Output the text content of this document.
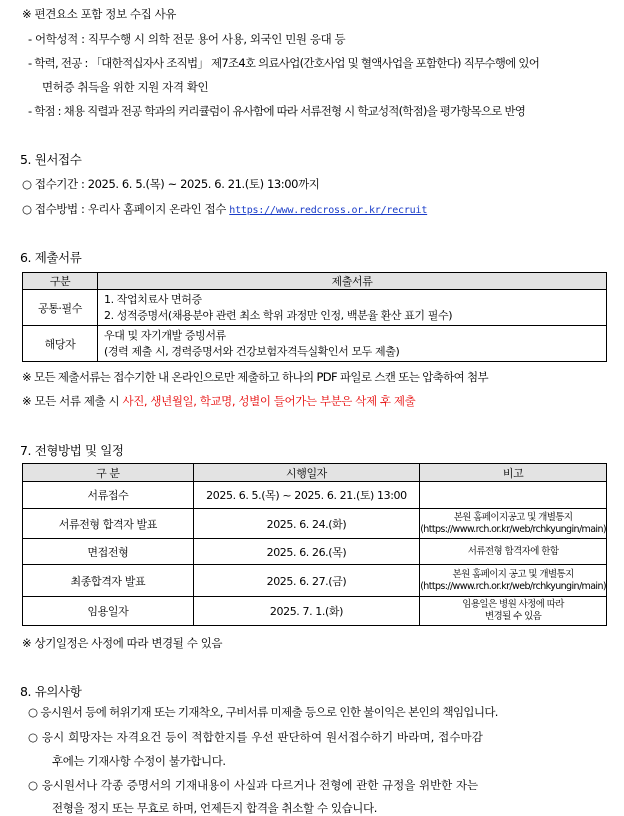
※ 편견요소 포함 정보 수집 사유
- 어학성적 : 직무수행 시 의학 전문 용어 사용, 외국인 민원 응대 등
- 학력, 전공 : 「대한적십자사 조직법」 제7조4호 의료사업(간호사업 및 혈액사업을 포함한다) 직무수행에 있어
면허증 취득을 위한 지원 자격 확인
- 학점 : 채용 직렬과 전공 학과의 커리큘럼이 유사함에 따라 서류전형 시 학교성적(학점)을 평가항목으로 반영
5. 원서접수
○ 접수기간 : 2025. 6. 5.(목) ~ 2025. 6. 21.(토) 13:00까지
○ 접수방법 : 우리사 홈페이지 온라인 접수 https://www.redcross.or.kr/recruit
6. 제출서류
구분	제출서류
공통·필수	1. 작업치료사 면허증
2. 성적증명서(채용분야 관련 최소 학위 과정만 인정, 백분율 환산 표기 필수)

해당자	우대 및 자기개발 증빙서류
(경력 제출 시, 경력증명서와 건강보험자격득실확인서 모두 제출)
※ 모든 제출서류는 접수기한 내 온라인으로만 제출하고 하나의 PDF 파일로 스캔 또는 압축하여 첨부
※ 모든 서류 제출 시 사진, 생년월일, 학교명, 성별이 들어가는 부분은 삭제 후 제출
7. 전형방법 및 일정
구 분	시행일자	비고
서류접수	2025. 6. 5.(목) ~ 2025. 6. 21.(토) 13:00	

서류전형 합격자 발표	2025. 6. 24.(화)	본원 홈페이지공고 및 개별통지
(https://www.rch.or.kr/web/rchkyungin/main)

면접전형	2025. 6. 26.(목)	서류전형 합격자에 한함

최종합격자 발표	2025. 6. 27.(금)	본원 홈페이지 공고 및 개별통지
(https://www.rch.or.kr/web/rchkyungin/main)

임용일자	2025. 7. 1.(화)	임용일은 병원 사정에 따라
변경될 수 있음
※ 상기일정은 사정에 따라 변경될 수 있음
8. 유의사항
○ 응시원서 등에 허위기재 또는 기재착오, 구비서류 미제출 등으로 인한 불이익은 본인의 책임입니다.
○ 응시 희망자는 자격요건 등이 적합한지를 우선 판단하여 원서접수하기 바라며, 접수마감
후에는 기재사항 수정이 불가합니다.
○ 응시원서나 각종 증명서의 기재내용이 사실과 다르거나 전형에 관한 규정을 위반한 자는
전형을 정지 또는 무효로 하며, 언제든지 합격을 취소할 수 있습니다.
